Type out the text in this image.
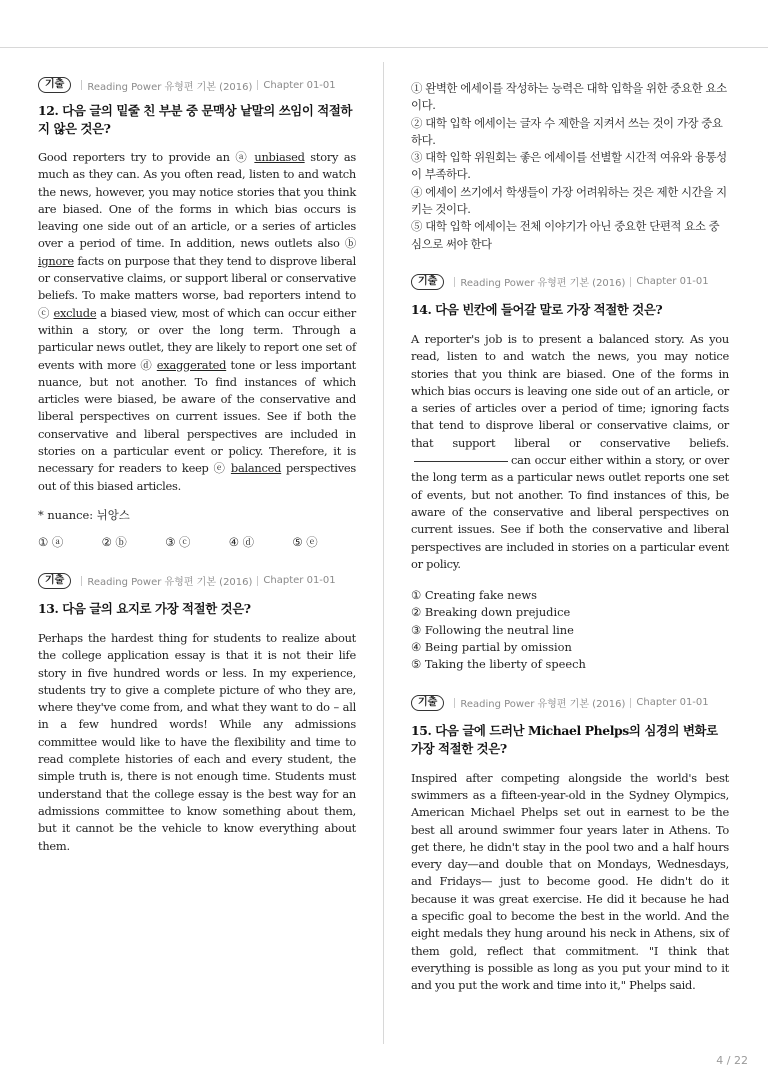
기출	Reading Power 유형편 기본 (2016) Chapter 01-01
12. 다음 글의 밑줄 친 부분 중 문맥상 낱말의 쓰임이 적절하지 않은 것은?

Good reporters try to provide an ⓐ unbiased story as much as they can. As you often read, listen to and watch the news, however, you may notice stories that you think are biased. One of the forms in which bias occurs is leaving one side out of an article, or a series of articles over a period of time. In addition, news outlets also ⓑ ignore facts on purpose that they tend to disprove liberal or conservative claims, or support liberal or conservative beliefs. To make matters worse, bad reporters intend to ⓒ exclude a biased view, most of which can occur either within a story, or over the long term. Through a particular news outlet, they are likely to report one set of events with more ⓓ exaggerated tone or less important nuance, but not another. To find instances of which articles were biased, be aware of the conservative and liberal perspectives on current issues. See if both the conservative and liberal perspectives are included in stories on a particular event or policy. Therefore, it is necessary for readers to keep ⓔ balanced perspectives out of this biased articles.

* nuance: 뉘앙스
① ⓐ	② ⓑ	③ ⓒ	④ ⓓ	⑤ ⓔ
기출	Reading Power 유형편 기본 (2016) Chapter 01-01
13. 다음 글의 요지로 가장 적절한 것은?

Perhaps the hardest thing for students to realize about the college application essay is that it is not their life story in five hundred words or less. In my experience, students try to give a complete picture of who they are, where they've come from, and what they want to do – all in a few hundred words! While any admissions committee would like to have the flexibility and time to read complete histories of each and every student, the simple truth is, there is not enough time. Students must understand that the college essay is the best way for an admissions committee to know something about them, but it cannot be the vehicle to know everything about them.

① 완벽한 에세이를 작성하는 능력은 대학 입학을 위한 중요한 요소이다.
② 대학 입학 에세이는 글자 수 제한을 지켜서 쓰는 것이 가장 중요하다.
③ 대학 입학 위원회는 좋은 에세이를 선별할 시간적 여유와 융통성이 부족하다.
④ 에세이 쓰기에서 학생들이 가장 어려워하는 것은 제한 시간을 지키는 것이다.
⑤ 대학 입학 에세이는 전체 이야기가 아닌 중요한 단편적 요소 중심으로 써야 한다
기출	Reading Power 유형편 기본 (2016) Chapter 01-01
14. 다음 빈칸에 들어갈 말로 가장 적절한 것은?

A reporter's job is to present a balanced story. As you read, listen to and watch the news, you may notice stories that you think are biased. One of the forms in which bias occurs is leaving one side out of an article, or a series of articles over a period of time; ignoring facts that tend to disprove liberal or conservative claims, or that support liberal or conservative beliefs.can occur either within a story, or over the long term as a particular news outlet reports one set of events, but not another. To find instances of this, be aware of the conservative and liberal perspectives on current issues. See if both the conservative and liberal perspectives are included in stories on a particular event or policy.

① Creating fake news
② Breaking down prejudice
③ Following the neutral line
④ Being partial by omission
⑤ Taking the liberty of speech
기출	Reading Power 유형편 기본 (2016) Chapter 01-01
15. 다음 글에 드러난 Michael Phelps의 심경의 변화로 가장 적절한 것은?

Inspired after competing alongside the world's best swimmers as a fifteen-year-old in the Sydney Olympics, American Michael Phelps set out in earnest to be the best all around swimmer four years later in Athens. To get there, he didn't stay in the pool two and a half hours every day—and double that on Mondays, Wednesdays, and Fridays— just to become good. He didn't do it because it was great exercise. He did it because he had a specific goal to become the best in the world. And the eight medals they hung around his neck in Athens, six of them gold, reflect that commitment. "I think that everything is possible as long as you put your mind to it and you put the work and time into it," Phelps said.

4 / 22
